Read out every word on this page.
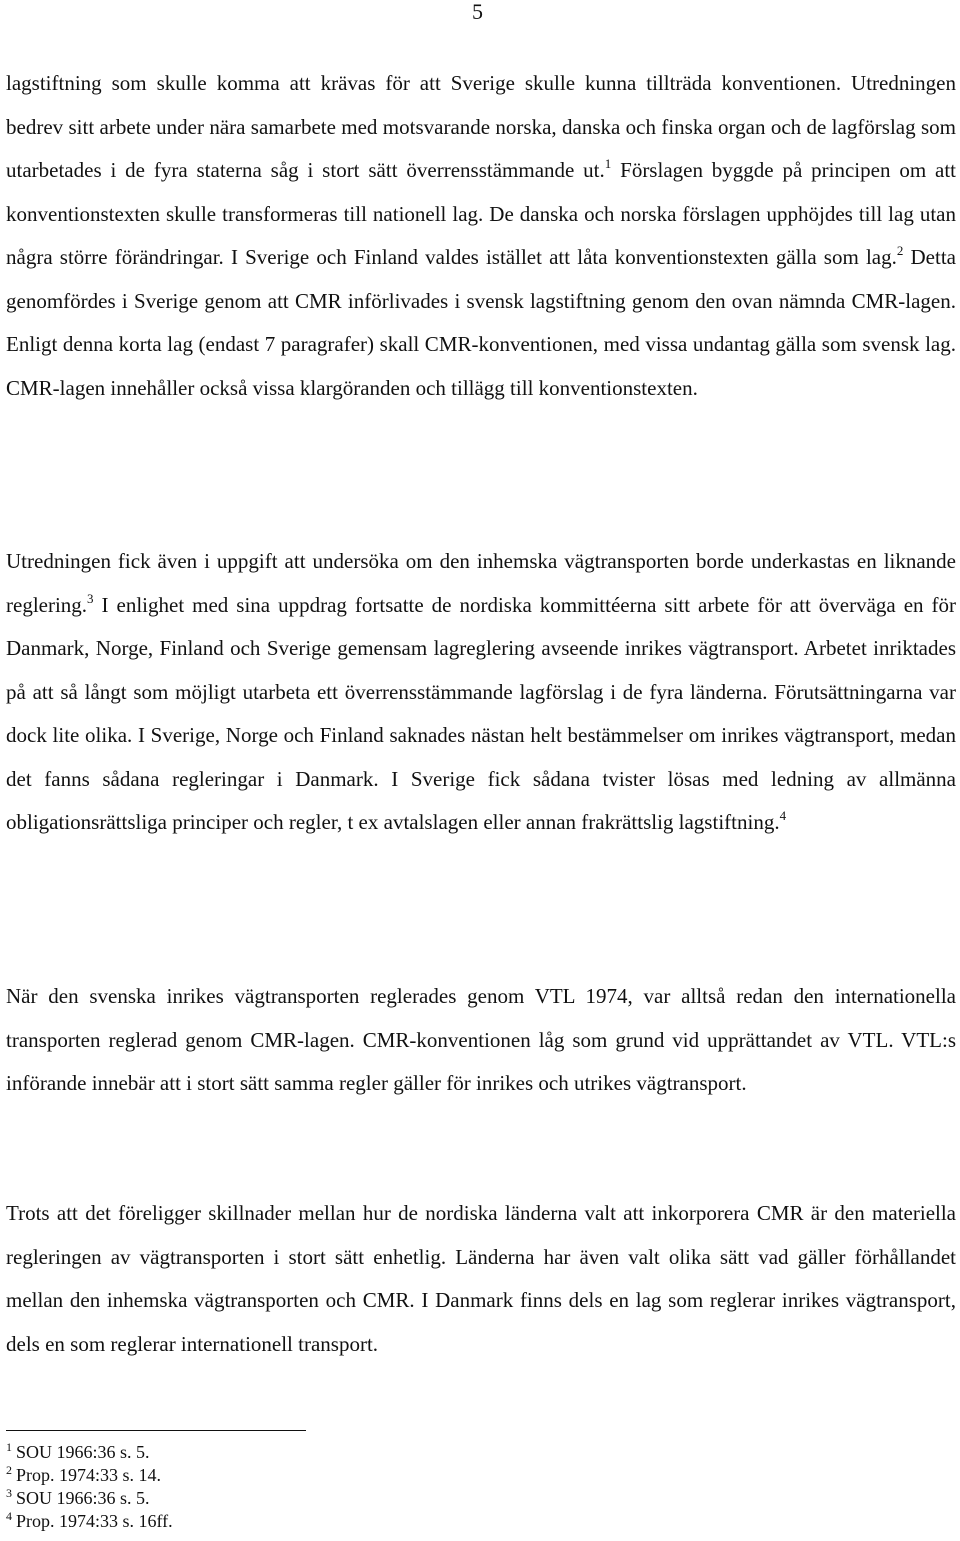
5

lagstiftning som skulle komma att krävas för att Sverige skulle kunna tillträda konventionen. Utredningen bedrev sitt arbete under nära samarbete med motsvarande norska, danska och finska organ och de lagförslag som utarbetades i de fyra staterna såg i stort sätt överrensstämmande ut.$^1$ Förslagen byggde på principen om att konventionstexten skulle transformeras till nationell lag. De danska och norska förslagen upphöjdes till lag utan några större förändringar. I Sverige och Finland valdes istället att låta konventionstexten gälla som lag.$^2$ Detta genomfördes i Sverige genom att CMR införlivades i svensk lagstiftning genom den ovan nämnda CMR-lagen. Enligt denna korta lag (endast 7 paragrafer) skall CMR-konventionen, med vissa undantag gälla som svensk lag. CMR-lagen innehåller också vissa klargöranden och tillägg till konventionstexten.

Utredningen fick även i uppgift att undersöka om den inhemska vägtransporten borde underkastas en liknande reglering.$^3$ I enlighet med sina uppdrag fortsatte de nordiska kommittéerna sitt arbete för att överväga en för Danmark, Norge, Finland och Sverige gemensam lagreglering avseende inrikes vägtransport. Arbetet inriktades på att så långt som möjligt utarbeta ett överrensstämmande lagförslag i de fyra länderna. Förutsättningarna var dock lite olika. I Sverige, Norge och Finland saknades nästan helt bestämmelser om inrikes vägtransport, medan det fanns sådana regleringar i Danmark. I Sverige fick sådana tvister lösas med ledning av allmänna obligationsrättsliga principer och regler, t ex avtalslagen eller annan frakrättslig lagstiftning.$^4$

När den svenska inrikes vägtransporten reglerades genom VTL 1974, var alltså redan den internationella transporten reglerad genom CMR-lagen. CMR-konventionen låg som grund vid upprättandet av VTL. VTL:s införande innebär att i stort sätt samma regler gäller för inrikes och utrikes vägtransport.

Trots att det föreligger skillnader mellan hur de nordiska länderna valt att inkorporera CMR är den materiella regleringen av vägtransporten i stort sätt enhetlig. Länderna har även valt olika sätt vad gäller förhållandet mellan den inhemska vägtransporten och CMR. I Danmark finns dels en lag som reglerar inrikes vägtransport, dels en som reglerar internationell transport.

$^1$ SOU 1966:36 s. 5.
$^2$ Prop. 1974:33 s. 14.
$^3$ SOU 1966:36 s. 5.
$^4$ Prop. 1974:33 s. 16ff.
